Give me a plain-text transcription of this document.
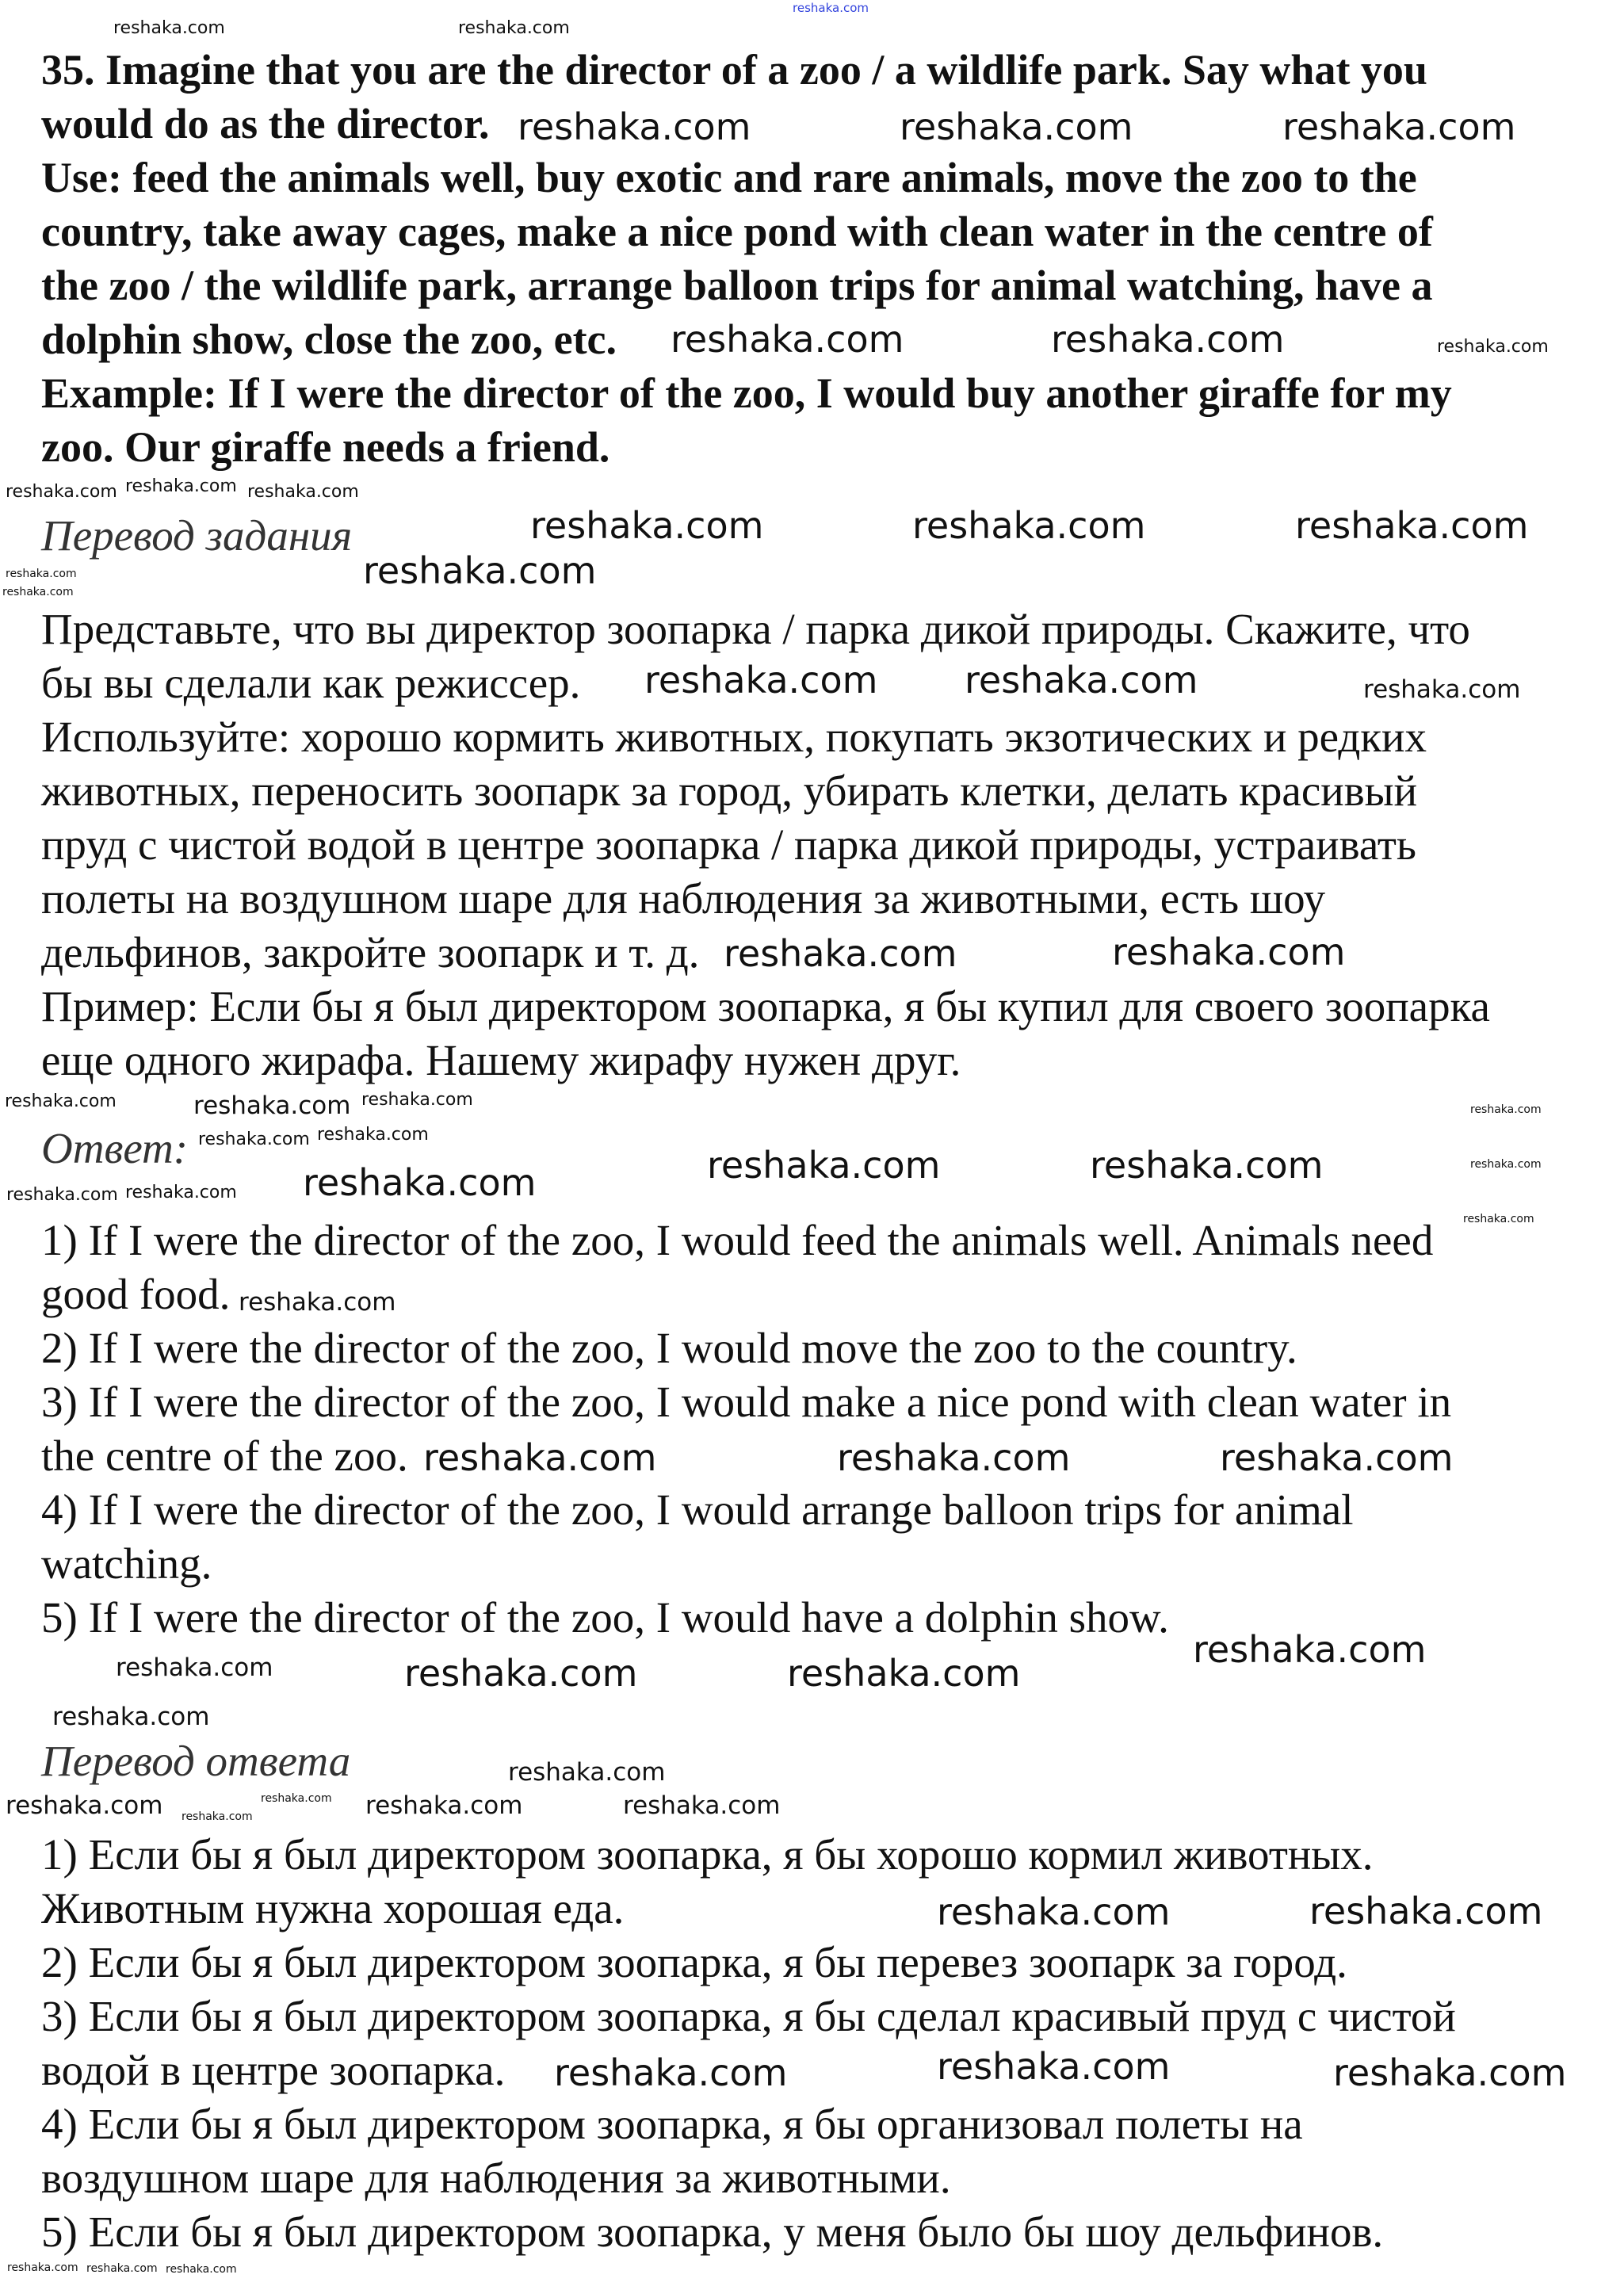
35. Imagine that you are the director of a zoo / a wildlife park. Say what you
would do as the director.
Use: feed the animals well, buy exotic and rare animals, move the zoo to the
country, take away cages, make a nice pond with clean water in the centre of
the zoo / the wildlife park, arrange balloon trips for animal watching, have a
dolphin show, close the zoo, etc.
Example: If I were the director of the zoo, I would buy another giraffe for my
zoo. Our giraffe needs a friend.
Перевод задания
Представьте, что вы директор зоопарка / парка дикой природы. Скажите, что
бы вы сделали как режиссер.
Используйте: хорошо кормить животных, покупать экзотических и редких
животных, переносить зоопарк за город, убирать клетки, делать красивый
пруд с чистой водой в центре зоопарка / парка дикой природы, устраивать
полеты на воздушном шаре для наблюдения за животными, есть шоу
дельфинов, закройте зоопарк и т. д.
Пример: Если бы я был директором зоопарка, я бы купил для своего зоопарка
еще одного жирафа. Нашему жирафу нужен друг.
Ответ:
1) If I were the director of the zoo, I would feed the animals well. Animals need
good food.
2) If I were the director of the zoo, I would move the zoo to the country.
3) If I were the director of the zoo, I would make a nice pond with clean water in
the centre of the zoo.
4) If I were the director of the zoo, I would arrange balloon trips for animal
watching.
5) If I were the director of the zoo, I would have a dolphin show.
Перевод ответа
1) Если бы я был директором зоопарка, я бы хорошо кормил животных.
Животным нужна хорошая еда.
2) Если бы я был директором зоопарка, я бы перевез зоопарк за город.
3) Если бы я был директором зоопарка, я бы сделал красивый пруд с чистой
водой в центре зоопарка.
4) Если бы я был директором зоопарка, я бы организовал полеты на
воздушном шаре для наблюдения за животными.
5) Если бы я был директором зоопарка, у меня было бы шоу дельфинов.
reshaka.com
reshaka.com	reshaka.com	reshaka.com
reshaka.com	reshaka.com
reshaka.com	reshaka.com	reshaka.com
reshaka.com
reshaka.com reshaka.com
reshaka.com
reshaka.com
reshaka.com	reshaka.com
reshaka.com
reshaka.com	reshaka.com	reshaka.com
reshaka.com	reshaka.com
reshaka.com
reshaka.com	reshaka.com
reshaka.com	reshaka.com	reshaka.com
reshaka.com
reshaka.com
reshaka.com
reshaka.com	reshaka.com
reshaka.com
reshaka.com
reshaka.com
reshaka.com
reshaka.com
reshaka.com
reshaka.com
reshaka.com
reshaka.com
reshaka.com
reshaka.com
reshaka.com
reshaka.com
reshaka.com reshaka.com
reshaka.com
reshaka.com
reshaka.com
reshaka.com
reshaka.com
reshaka.com
reshaka.com
reshaka.com
reshaka.com reshaka.com reshaka.com
